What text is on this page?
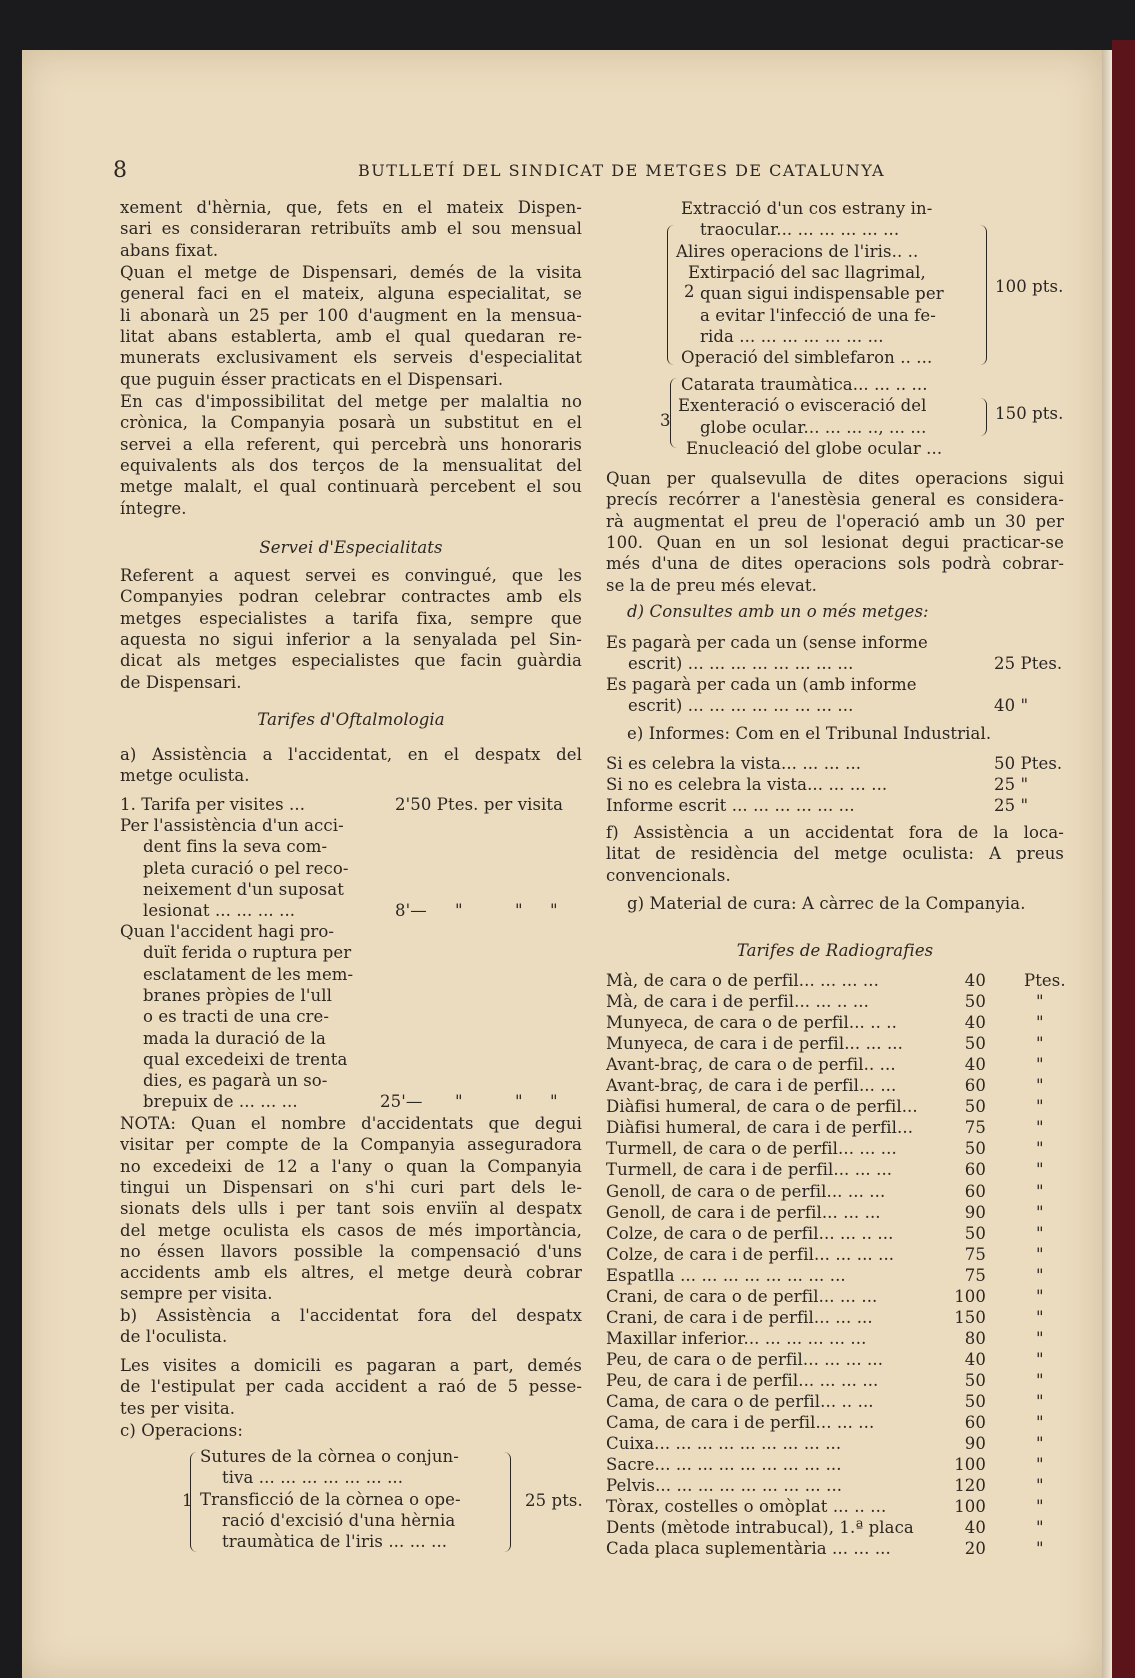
8	BUTLLETÍ DEL SINDICAT DE METGES DE CATALUNYA
xement d'hèrnia, que, fets en el mateix Dispen-
sari es consideraran retribuïts amb el sou mensual
abans fixat.
Quan el metge de Dispensari, demés de la visita
general faci en el mateix, alguna especialitat, se
li abonarà un 25 per 100 d'augment en la mensua-
litat abans establerta, amb el qual quedaran re-
munerats exclusivament els serveis d'especialitat
que puguin ésser practicats en el Dispensari.
En cas d'impossibilitat del metge per malaltia no
crònica, la Companyia posarà un substitut en el
servei a ella referent, qui percebrà uns honoraris
equivalents als dos terços de la mensualitat del
metge malalt, el qual continuarà percebent el sou
íntegre.
Servei d'Especialitats
Referent a aquest servei es convingué, que les
Companyies podran celebrar contractes amb els
metges especialistes a tarifa fixa, sempre que
aquesta no sigui inferior a la senyalada pel Sin-
dicat als metges especialistes que facin guàrdia
de Dispensari.
Tarifes d'Oftalmologia
a) Assistència a l'accidentat, en el despatx del
metge oculista.
1. Tarifa per visites ...	2'50 Ptes. per visita
Per l'assistència d'un acci-
dent fins la seva com-
pleta curació o pel reco-
neixement d'un suposat
lesionat ... ... ... ...	8'— "	" "
Quan l'accident hagi pro-
duït ferida o ruptura per
esclatament de les mem-
branes pròpies de l'ull
o es tracti de una cre-
mada la duració de la
qual excedeixi de trenta
dies, es pagarà un so-
brepuix de ... ... ...	25'— "	" "
NOTA: Quan el nombre d'accidentats que degui
visitar per compte de la Companyia asseguradora
no excedeixi de 12 a l'any o quan la Companyia
tingui un Dispensari on s'hi curi part dels le-
sionats dels ulls i per tant sois enviïn al despatx
del metge oculista els casos de més importància,
no éssen llavors possible la compensació d'uns
accidents amb els altres, el metge deurà cobrar
sempre per visita.
b) Assistència a l'accidentat fora del despatx
de l'oculista.
Les visites a domicili es pagaran a part, demés
de l'estipulat per cada accident a raó de 5 pesse-
tes per visita.
c) Operacions:
1
Sutures de la còrnea o conjun-
tiva ... ... ... ... ... ... ...
Transficció de la còrnea o ope-
ració d'excisió d'una hèrnia
traumàtica de l'iris ... ... ...
25 pts.
2
Extracció d'un cos estrany in-
traocular... ... ... ... ... ...
Alires operacions de l'iris.. ..
Extirpació del sac llagrimal,
quan sigui indispensable per
a evitar l'infecció de una fe-
rida ... ... ... ... ... ... ...
Operació del simblefaron .. ...
100 pts.
3
Catarata traumàtica... ... .. ...
Exenteració o evisceració del
globe ocular... ... ... .., ... ...
Enucleació del globe ocular ...
150 pts.
Quan per qualsevulla de dites operacions sigui
precís recórrer a l'anestèsia general es considera-
rà augmentat el preu de l'operació amb un 30 per
100. Quan en un sol lesionat degui practicar-se
més d'una de dites operacions sols podrà cobrar-
se la de preu més elevat.
d) Consultes amb un o més metges:
Es pagarà per cada un (sense informe
escrit) ... ... ... ... ... ... ... ...	25 Ptes.
Es pagarà per cada un (amb informe
escrit) ... ... ... ... ... ... ... ...	40 "
e) Informes: Com en el Tribunal Industrial.
Si es celebra la vista... ... ... ...	50 Ptes.
Si no es celebra la vista... ... ... ...	25 "
Informe escrit ... ... ... ... ... ...	25 "
f) Assistència a un accidentat fora de la loca-
litat de residència del metge oculista: A preus
convencionals.
g) Material de cura: A càrrec de la Companyia.
Tarifes de Radiografies
Mà, de cara o de perfil... ... ... ...	40 Ptes.
Mà, de cara i de perfil... ... .. ...	50	"
Munyeca, de cara o de perfil... .. ..	40	"
Munyeca, de cara i de perfil... ... ...	50	"
Avant-braç, de cara o de perfil.. ...	40	"
Avant-braç, de cara i de perfil... ...	60	"
Diàfisi humeral, de cara o de perfil...	50	"
Diàfisi humeral, de cara i de perfil...	75	"
Turmell, de cara o de perfil... ... ...	50	"
Turmell, de cara i de perfil... ... ...	60	"
Genoll, de cara o de perfil... ... ...	60	"
Genoll, de cara i de perfil... ... ...	90	"
Colze, de cara o de perfil... ... .. ...	50	"
Colze, de cara i de perfil... ... ... ...	75	"
Espatlla ... ... ... ... ... ... ... ...	75	"
Crani, de cara o de perfil... ... ...	100	"
Crani, de cara i de perfil... ... ...	150	"
Maxillar inferior... ... ... ... ... ...	80	"
Peu, de cara o de perfil... ... ... ...	40	"
Peu, de cara i de perfil... ... ... ...	50	"
Cama, de cara o de perfil... .. ...	50	"
Cama, de cara i de perfil... ... ...	60	"
Cuixa... ... ... ... ... ... ... ... ...	90	"
Sacre... ... ... ... ... ... ... ... ...	100	"
Pelvis... ... ... ... ... ... ... ... ...	120	"
Tòrax, costelles o omòplat ... .. ...	100	"
Dents (mètode intrabucal), 1.ª placa	40	"
Cada placa suplementària ... ... ...	20	"
